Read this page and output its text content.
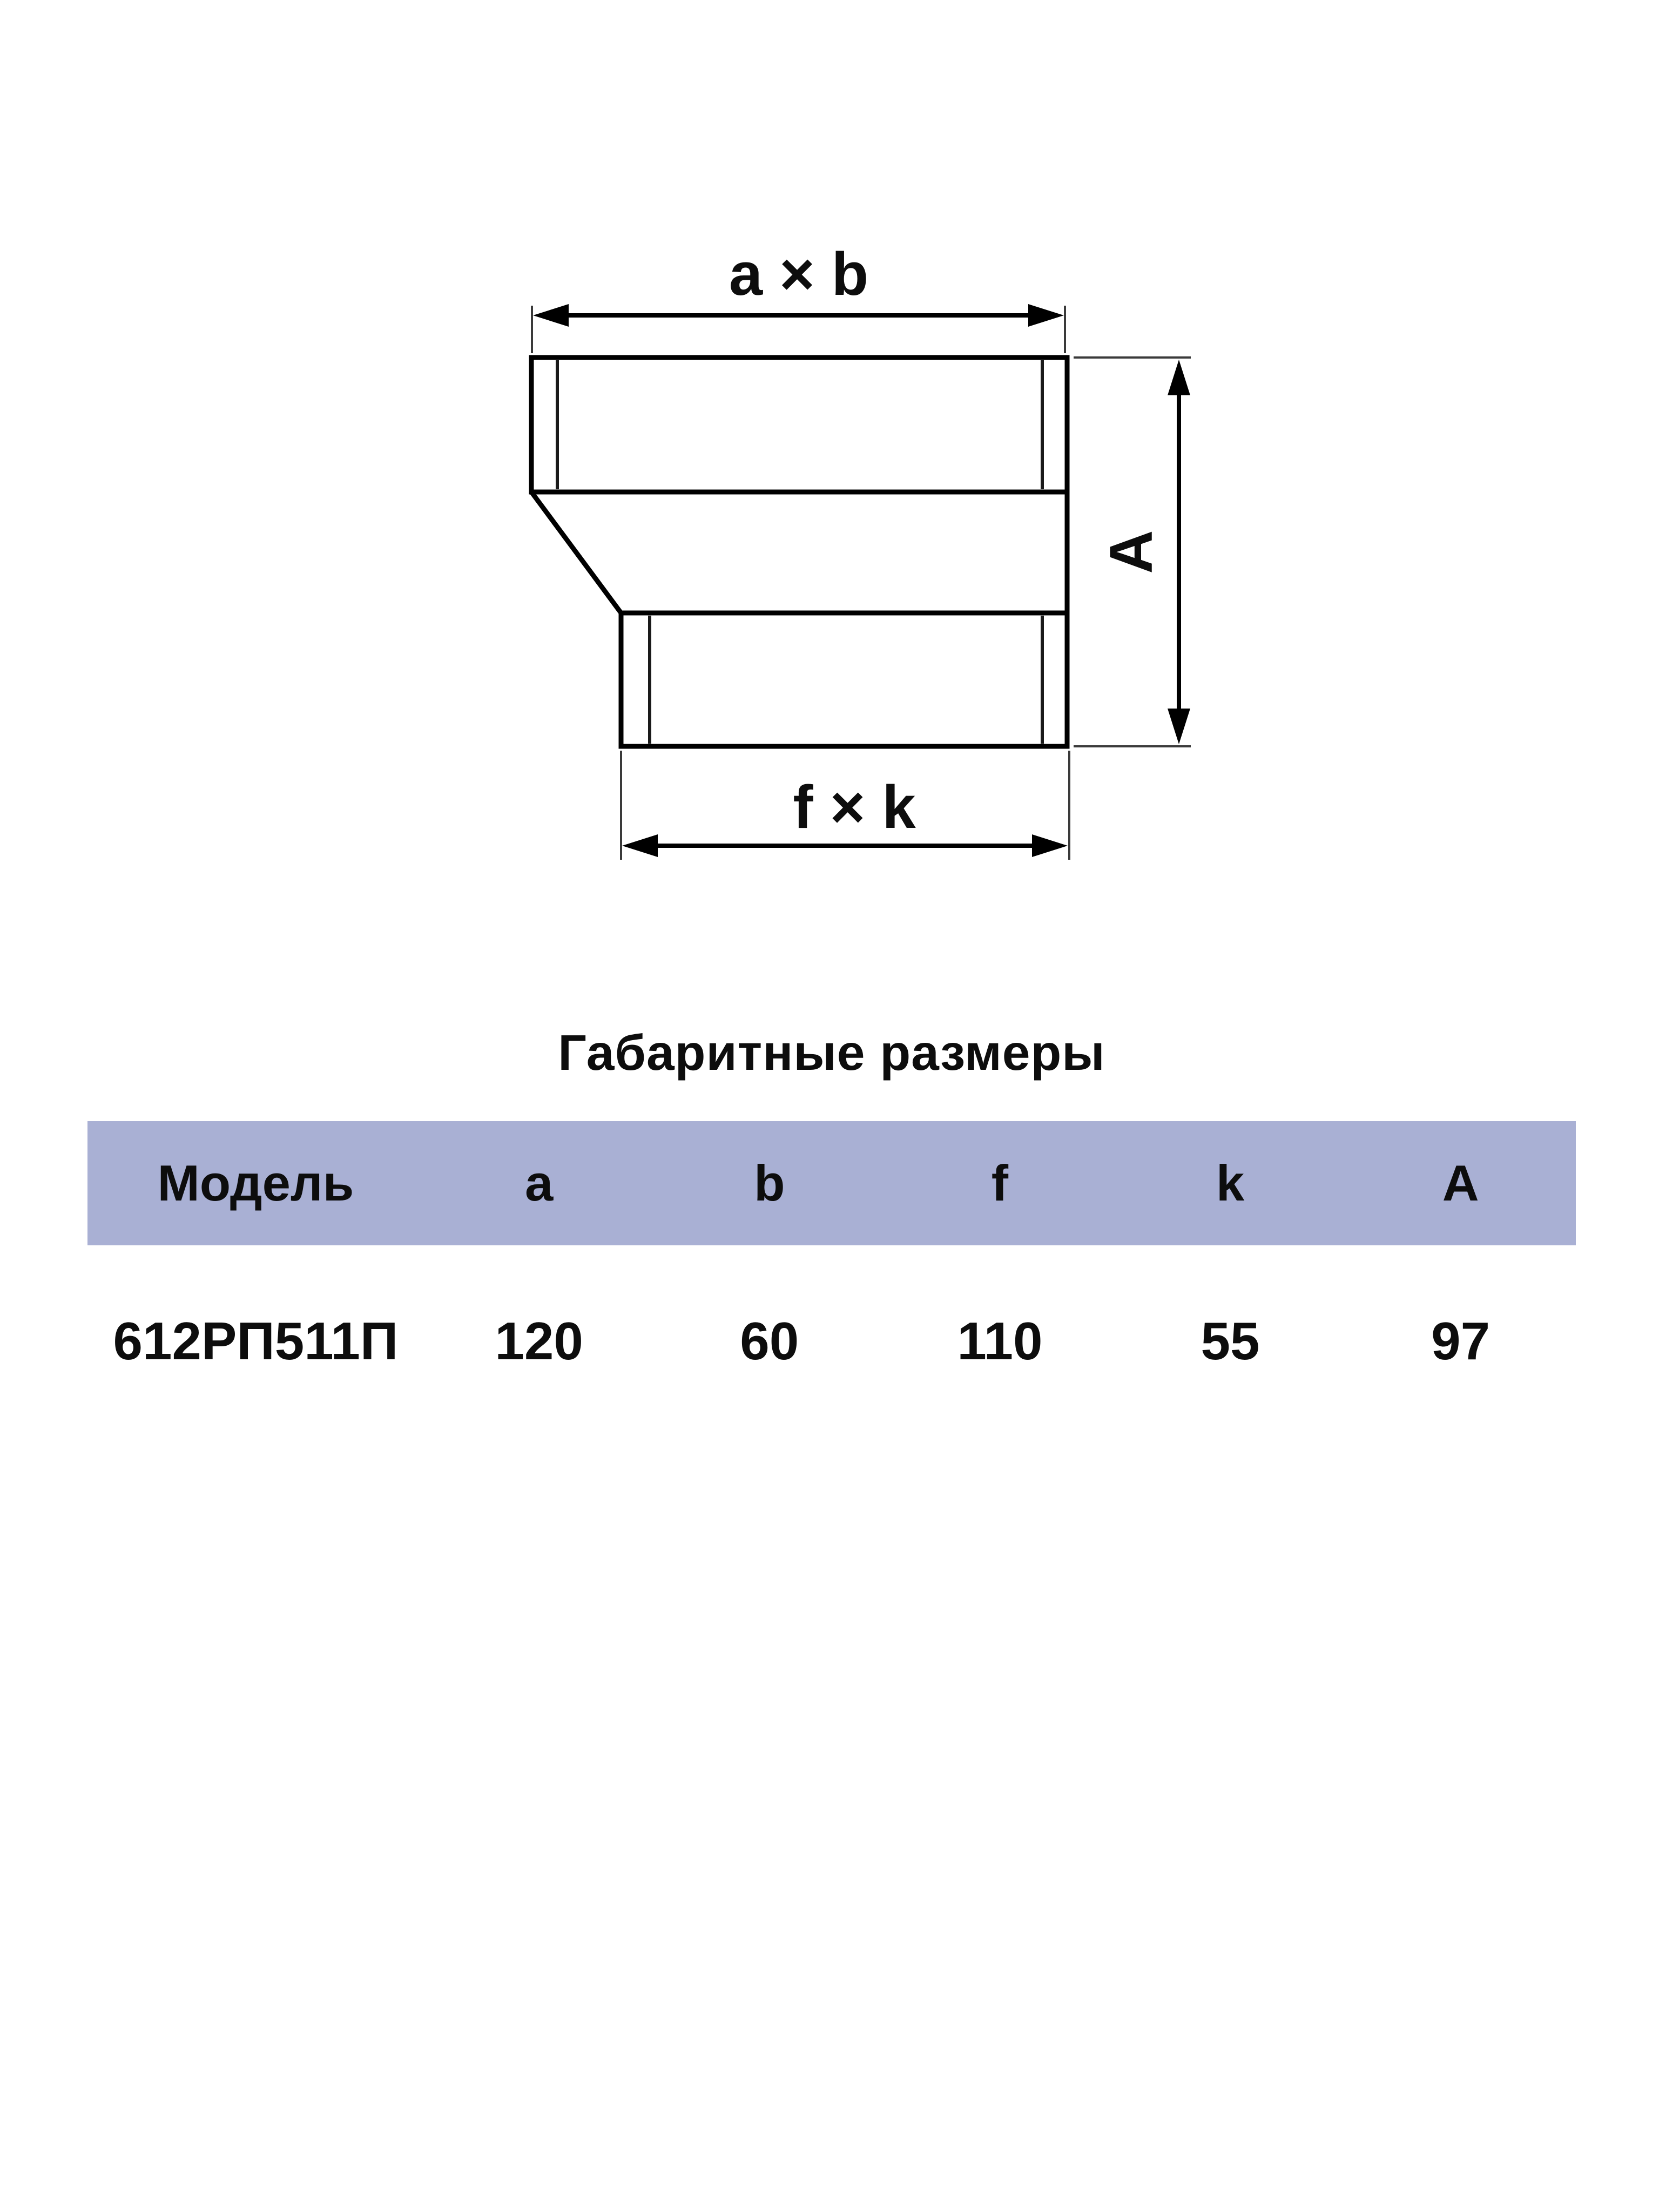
a × b
A
f × k
Габаритные размеры
Модель	a	b	f	k	A
612РП511П	120	60	110	55	97
